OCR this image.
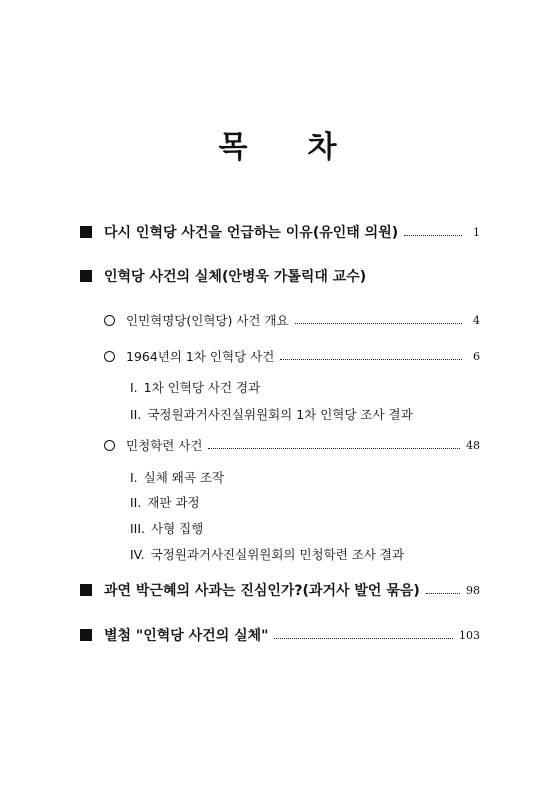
목 차
다시 인혁당 사건을 언급하는 이유(유인태 의원)	1
인혁당 사건의 실체(안병욱 가톨릭대 교수)
인민혁명당(인혁당) 사건 개요	4
1964년의 1차 인혁당 사건	6
I. 1차 인혁당 사건 경과
II. 국정원과거사진실위원회의 1차 인혁당 조사 결과
민청학련 사건	48
I. 실체 왜곡 조작
II. 재판 과정
III. 사형 집행
IV. 국정원과거사진실위원회의 민청학련 조사 결과
과연 박근혜의 사과는 진심인가?(과거사 발언 묶음)	98
별첨 "인혁당 사건의 실체"	103
